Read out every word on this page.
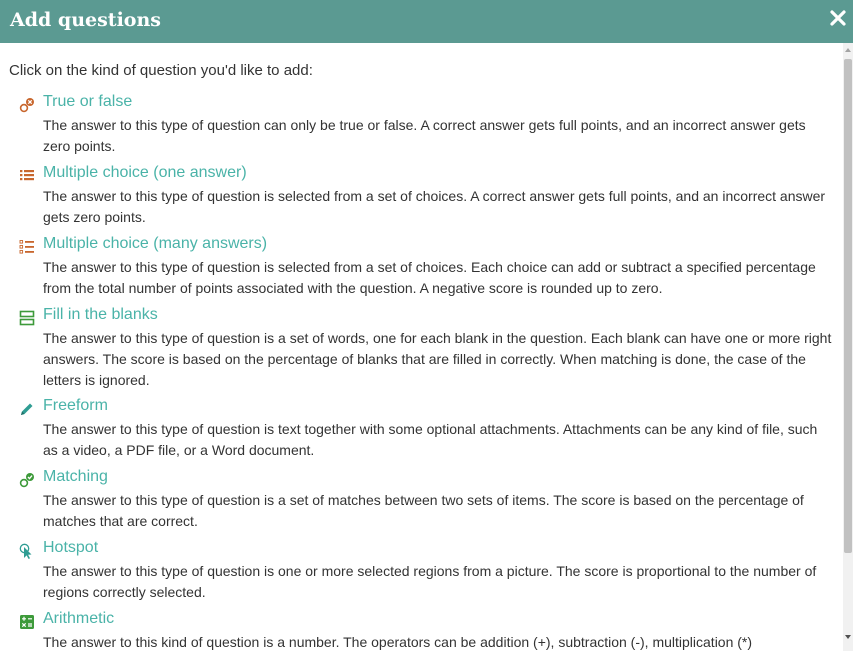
Add questions
Click on the kind of question you'd like to add:
True or false
The answer to this type of question can only be true or false. A correct answer gets full points, and an incorrect answer gets zero points.
Multiple choice (one answer)
The answer to this type of question is selected from a set of choices. A correct answer gets full points, and an incorrect answer gets zero points.
Multiple choice (many answers)
The answer to this type of question is selected from a set of choices. Each choice can add or subtract a specified percentage from the total number of points associated with the question. A negative score is rounded up to zero.
Fill in the blanks
The answer to this type of question is a set of words, one for each blank in the question. Each blank can have one or more right answers. The score is based on the percentage of blanks that are filled in correctly. When matching is done, the case of the letters is ignored.
Freeform
The answer to this type of question is text together with some optional attachments. Attachments can be any kind of file, such as a video, a PDF file, or a Word document.
Matching
The answer to this type of question is a set of matches between two sets of items. The score is based on the percentage of matches that are correct.
Hotspot
The answer to this type of question is one or more selected regions from a picture. The score is proportional to the number of regions correctly selected.
Arithmetic
The answer to this kind of question is a number. The operators can be addition (+), subtraction (-), multiplication (*)
